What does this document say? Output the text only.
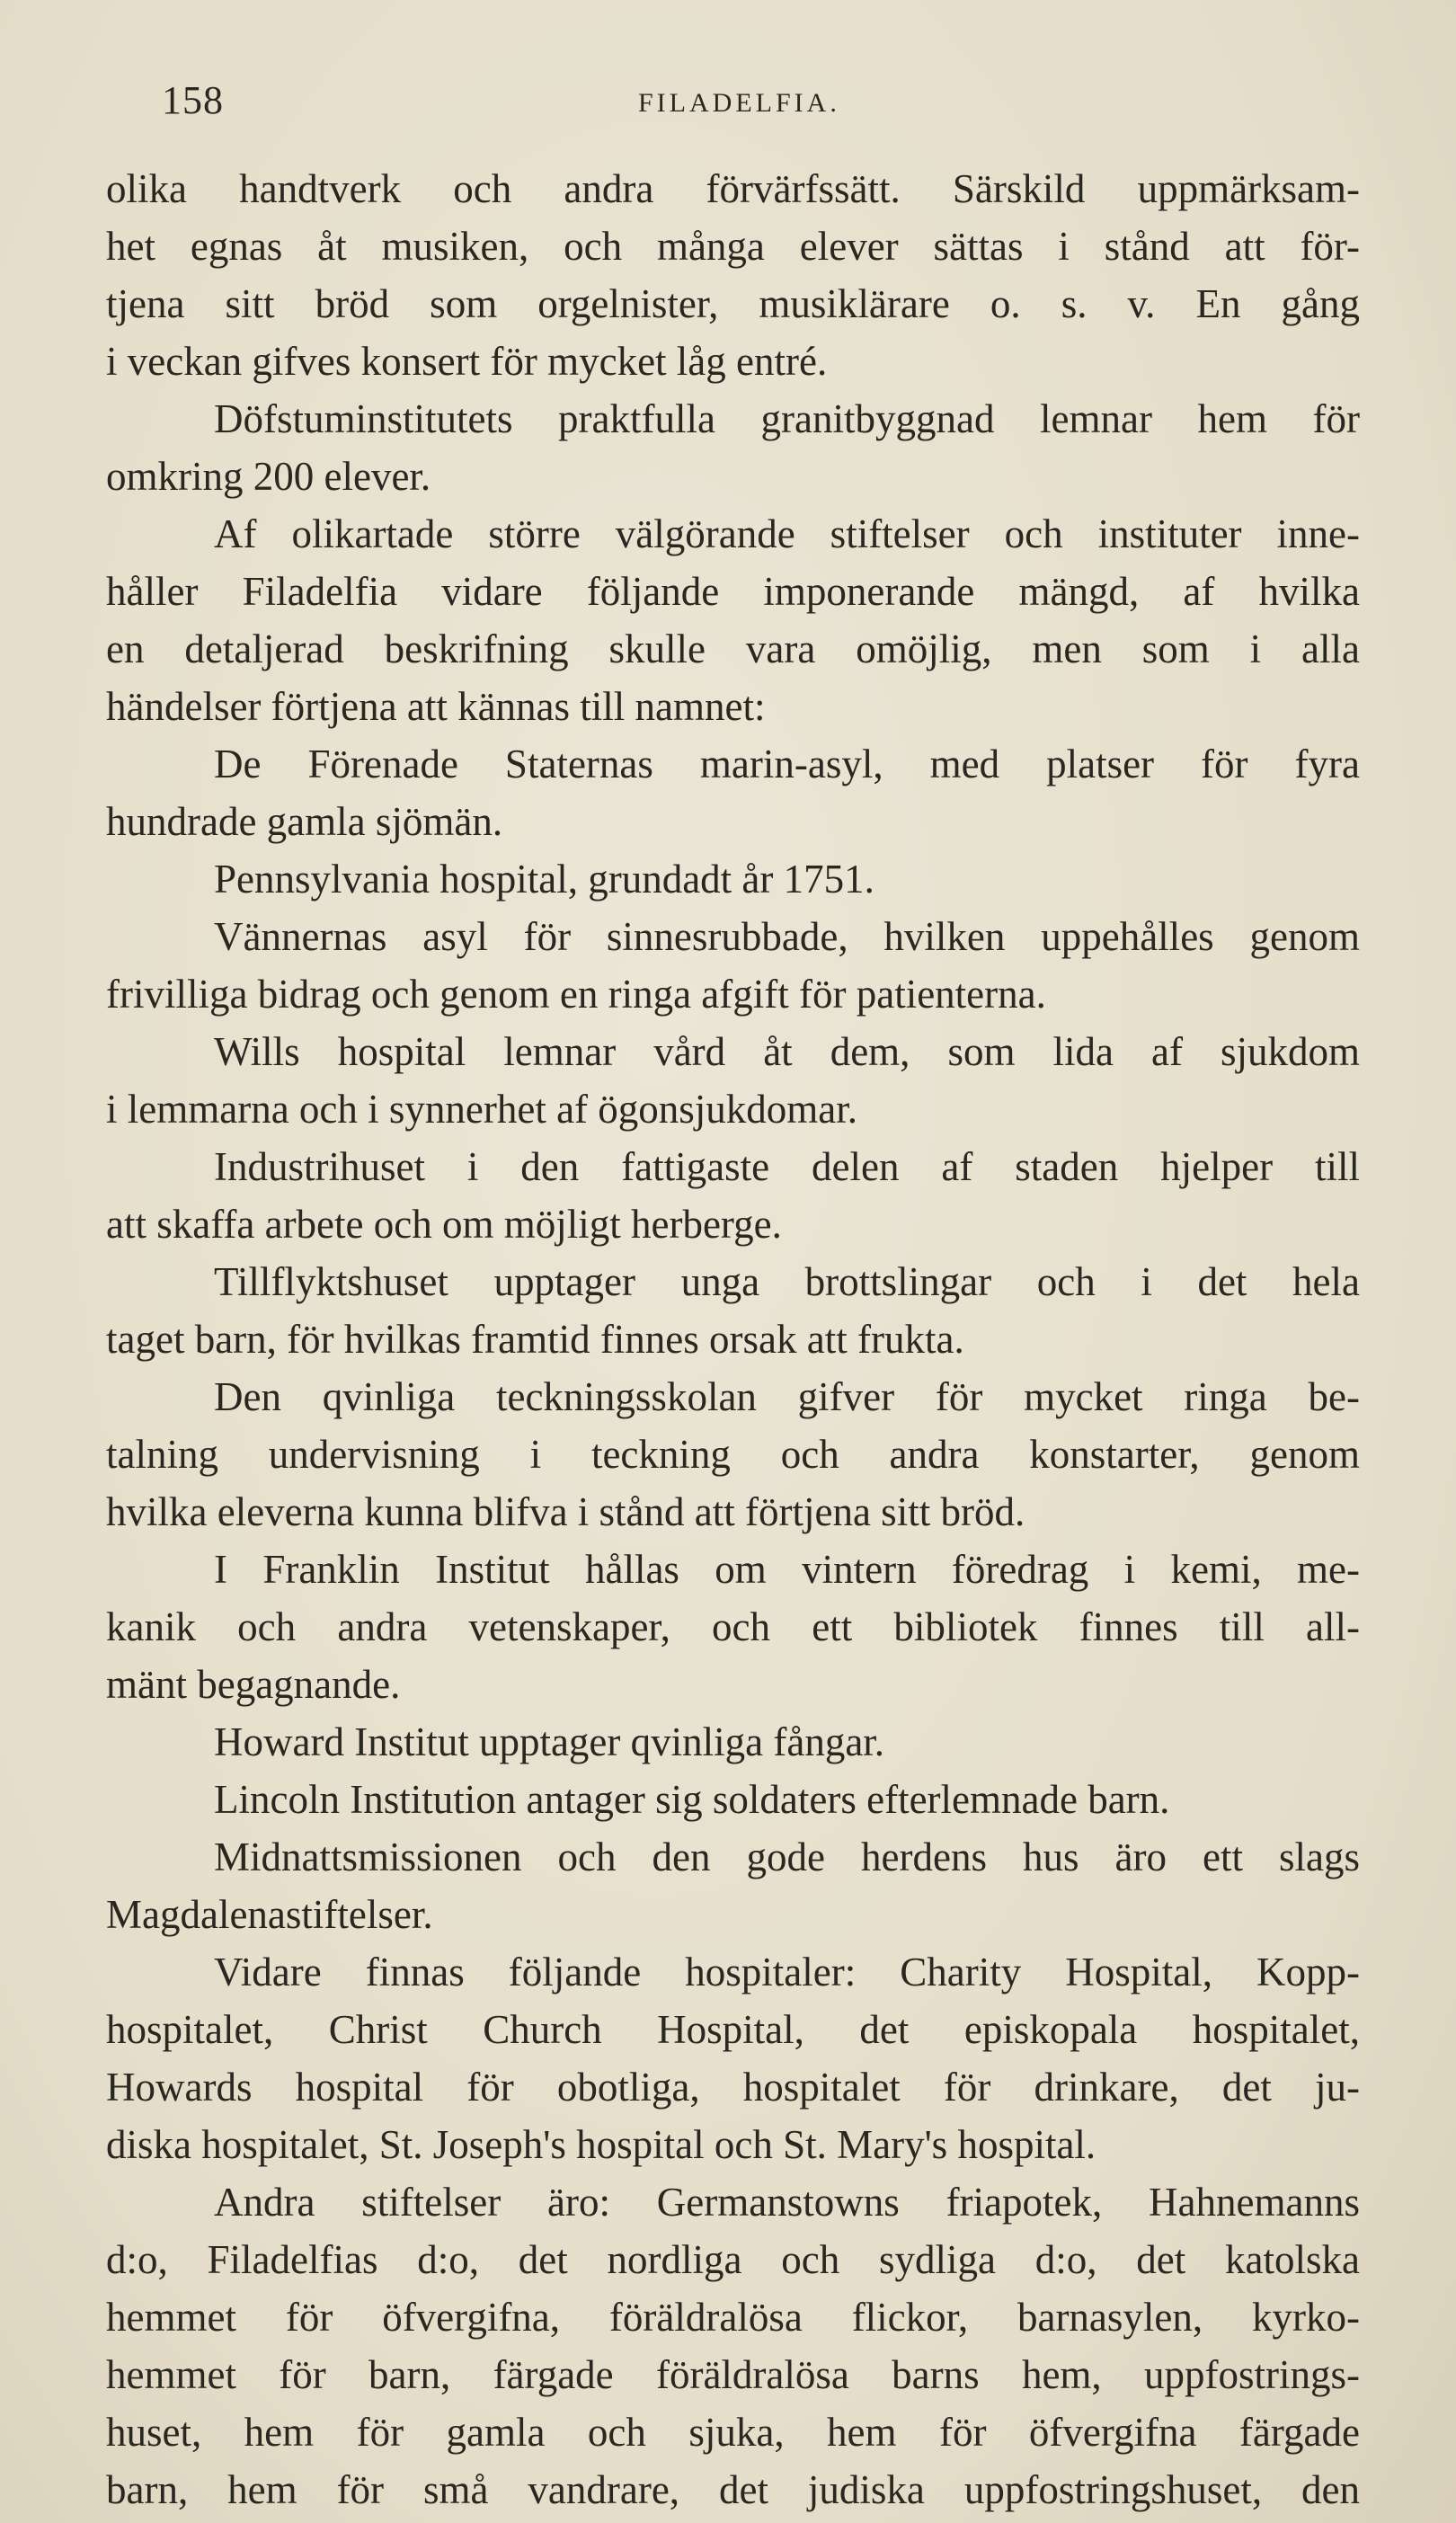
158	FILADELFIA.
olika handtverk och andra förvärfssätt. Särskild uppmärksam-
het egnas åt musiken, och många elever sättas i stånd att för-
tjena sitt bröd som orgelnister, musiklärare o. s. v. En gång
i veckan gifves konsert för mycket låg entré.
Döfstuminstitutets praktfulla granitbyggnad lemnar hem för
omkring 200 elever.
Af olikartade större välgörande stiftelser och instituter inne-
håller Filadelfia vidare följande imponerande mängd, af hvilka
en detaljerad beskrifning skulle vara omöjlig, men som i alla
händelser förtjena att kännas till namnet:
De Förenade Staternas marin-asyl, med platser för fyra
hundrade gamla sjömän.
Pennsylvania hospital, grundadt år 1751.
Vännernas asyl för sinnesrubbade, hvilken uppehålles genom
frivilliga bidrag och genom en ringa afgift för patienterna.
Wills hospital lemnar vård åt dem, som lida af sjukdom
i lemmarna och i synnerhet af ögonsjukdomar.
Industrihuset i den fattigaste delen af staden hjelper till
att skaffa arbete och om möjligt herberge.
Tillflyktshuset upptager unga brottslingar och i det hela
taget barn, för hvilkas framtid finnes orsak att frukta.
Den qvinliga teckningsskolan gifver för mycket ringa be-
talning undervisning i teckning och andra konstarter, genom
hvilka eleverna kunna blifva i stånd att förtjena sitt bröd.
I Franklin Institut hållas om vintern föredrag i kemi, me-
kanik och andra vetenskaper, och ett bibliotek finnes till all-
mänt begagnande.
Howard Institut upptager qvinliga fångar.
Lincoln Institution antager sig soldaters efterlemnade barn.
Midnattsmissionen och den gode herdens hus äro ett slags
Magdalenastiftelser.
Vidare finnas följande hospitaler: Charity Hospital, Kopp-
hospitalet, Christ Church Hospital, det episkopala hospitalet,
Howards hospital för obotliga, hospitalet för drinkare, det ju-
diska hospitalet, St. Joseph's hospital och St. Mary's hospital.
Andra stiftelser äro: Germanstowns friapotek, Hahnemanns
d:o, Filadelfias d:o, det nordliga och sydliga d:o, det katolska
hemmet för öfvergifna, föräldralösa flickor, barnasylen, kyrko-
hemmet för barn, färgade föräldralösa barns hem, uppfostrings-
huset, hem för gamla och sjuka, hem för öfvergifna färgade
barn, hem för små vandrare, det judiska uppfostringshuset, den
